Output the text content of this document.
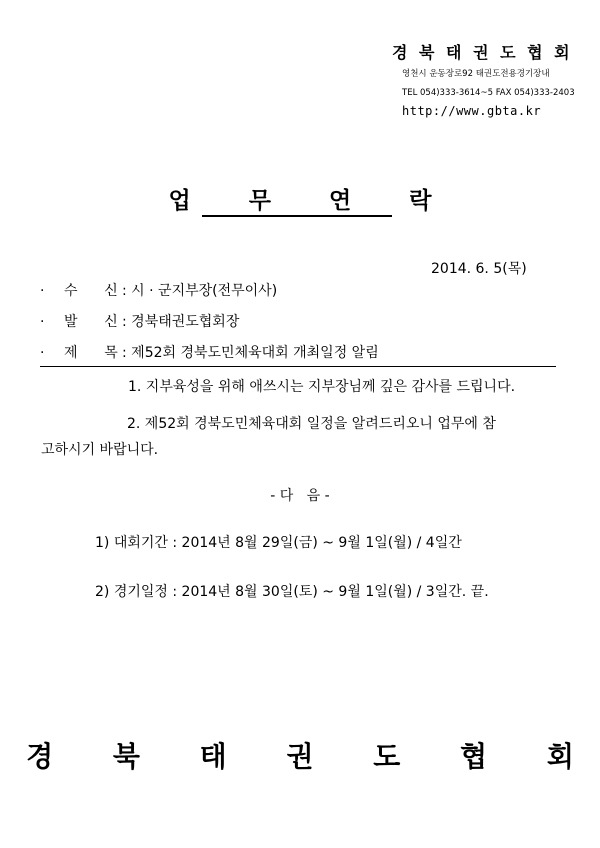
경 북 태 권 도 협 회
영천시 운동장로92 태권도전용경기장내
TEL 054)333-3614~5 FAX 054)333-2403
http://www.gbta.kr
업 무 연 락
2014. 6. 5(목)
· 수      신 : 시 · 군지부장(전무이사)
· 발      신 : 경북태권도협회장
· 제      목 : 제52회 경북도민체육대회 개최일정 알림
1. 지부육성을 위해 애쓰시는 지부장님께 깊은 감사를 드립니다.
2. 제52회 경북도민체육대회 일정을 알려드리오니 업무에 참
고하시기 바랍니다.
- 다   음 -
1) 대회기간 : 2014년 8월 29일(금) ~ 9월 1일(월) / 4일간
2) 경기일정 : 2014년 8월 30일(토) ~ 9월 1일(월) / 3일간. 끝.
경 북 태 권 도 협 회
